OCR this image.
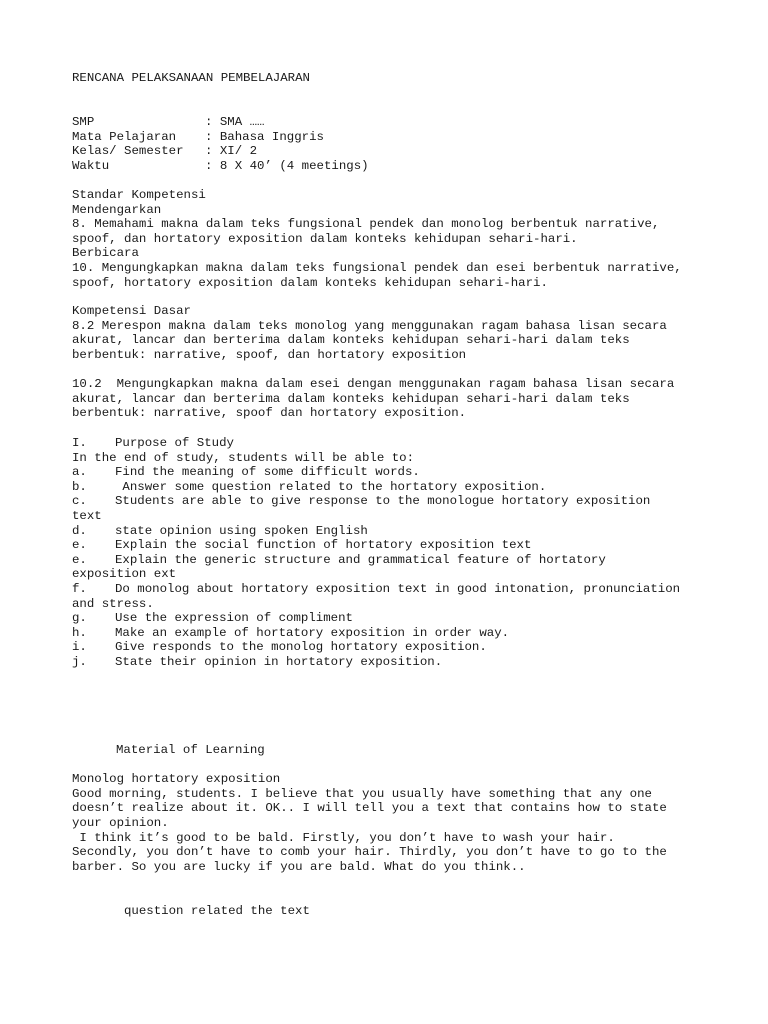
RENCANA PELAKSANAAN PEMBELAJARAN
SMP	: SMA ……
Mata Pelajaran	: Bahasa Inggris
Kelas/ Semester	: XI/ 2
Waktu	: 8 X 40’ (4 meetings)
Standar Kompetensi
Mendengarkan
8. Memahami makna dalam teks fungsional pendek dan monolog berbentuk narrative,
spoof, dan hortatory exposition dalam konteks kehidupan sehari-hari.
Berbicara
10. Mengungkapkan makna dalam teks fungsional pendek dan esei berbentuk narrative,
spoof, hortatory exposition dalam konteks kehidupan sehari-hari.
Kompetensi Dasar
8.2 Merespon makna dalam teks monolog yang menggunakan ragam bahasa lisan secara
akurat, lancar dan berterima dalam konteks kehidupan sehari-hari dalam teks
berbentuk: narrative, spoof, dan hortatory exposition
10.2  Mengungkapkan makna dalam esei dengan menggunakan ragam bahasa lisan secara
akurat, lancar dan berterima dalam konteks kehidupan sehari-hari dalam teks
berbentuk: narrative, spoof dan hortatory exposition.
I.	Purpose of Study
In the end of study, students will be able to:
a.	Find the meaning of some difficult words.
b.	Answer some question related to the hortatory exposition.
c.	Students are able to give response to the monologue hortatory exposition
text
d.	state opinion using spoken English
e.	Explain the social function of hortatory exposition text
e.	Explain the generic structure and grammatical feature of hortatory
exposition ext
f.	Do monolog about hortatory exposition text in good intonation, pronunciation
and stress.
g.	Use the expression of compliment
h.	Make an example of hortatory exposition in order way.
i.	Give responds to the monolog hortatory exposition.
j.	State their opinion in hortatory exposition.
Material of Learning
Monolog hortatory exposition
Good morning, students. I believe that you usually have something that any one
doesn’t realize about it. OK.. I will tell you a text that contains how to state
your opinion.
I think it’s good to be bald. Firstly, you don’t have to wash your hair.
Secondly, you don’t have to comb your hair. Thirdly, you don’t have to go to the
barber. So you are lucky if you are bald. What do you think..
question related the text
